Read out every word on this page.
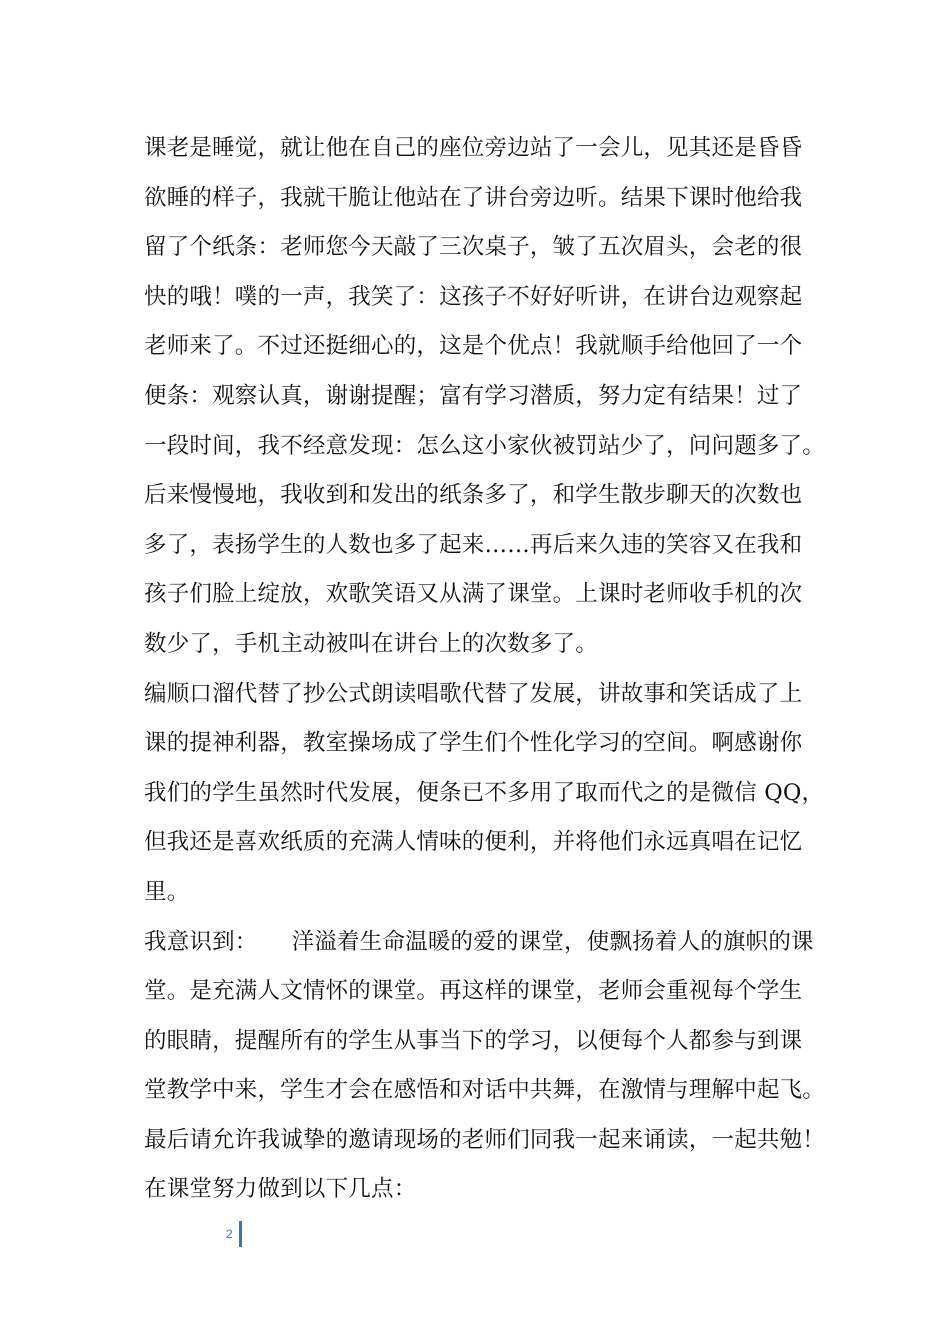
课老是睡觉，就让他在自己的座位旁边站了一会儿，见其还是昏昏
欲睡的样子，我就干脆让他站在了讲台旁边听。结果下课时他给我
留了个纸条：老师您今天敲了三次桌子，皱了五次眉头，会老的很
快的哦！噗的一声，我笑了：这孩子不好好听讲，在讲台边观察起
老师来了。不过还挺细心的，这是个优点！我就顺手给他回了一个
便条：观察认真，谢谢提醒；富有学习潜质，努力定有结果！过了
一段时间，我不经意发现：怎么这小家伙被罚站少了，问问题多了。
后来慢慢地，我收到和发出的纸条多了，和学生散步聊天的次数也
多了，表扬学生的人数也多了起来……再后来久违的笑容又在我和
孩子们脸上绽放，欢歌笑语又从满了课堂。上课时老师收手机的次
数少了，手机主动被叫在讲台上的次数多了。
编顺口溜代替了抄公式朗读唱歌代替了发展，讲故事和笑话成了上
课的提神利器，教室操场成了学生们个性化学习的空间。啊感谢你
我们的学生虽然时代发展，便条已不多用了取而代之的是微信 QQ，
但我还是喜欢纸质的充满人情味的便利，并将他们永远真唱在记忆
里。
我意识到：　　洋溢着生命温暖的爱的课堂，使飘扬着人的旗帜的课
堂。是充满人文情怀的课堂。再这样的课堂，老师会重视每个学生
的眼睛，提醒所有的学生从事当下的学习，以便每个人都参与到课
堂教学中来，学生才会在感悟和对话中共舞，在激情与理解中起飞。
最后请允许我诚挚的邀请现场的老师们同我一起来诵读，一起共勉！
在课堂努力做到以下几点：
2
